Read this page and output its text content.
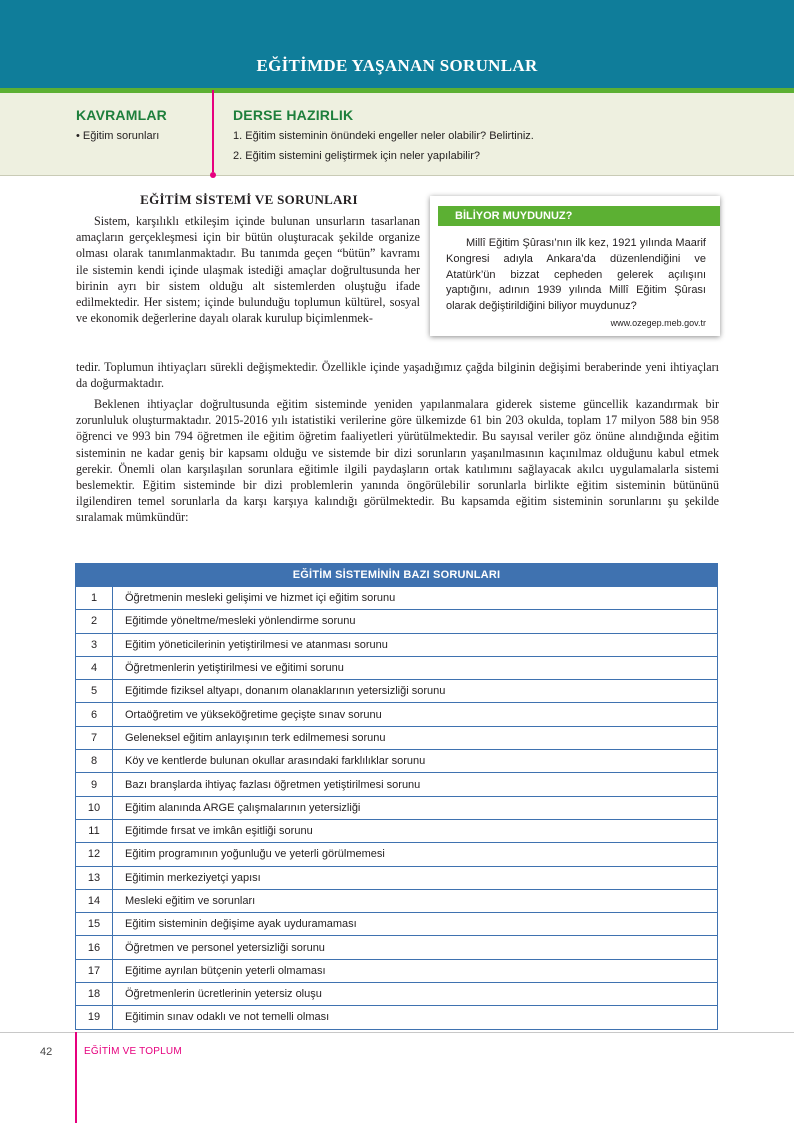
EĞİTİMDE YAŞANAN SORUNLAR
KAVRAMLAR
• Eğitim sorunları
DERSE HAZIRLIK
1. Eğitim sisteminin önündeki engeller neler olabilir? Belirtiniz.
2. Eğitim sistemini geliştirmek için neler yapılabilir?
EĞİTİM SİSTEMİ VE SORUNLARI
Sistem, karşılıklı etkileşim içinde bulunan unsurların tasarlanan amaçların gerçekleşmesi için bir bütün oluşturacak şekilde organize olması olarak tanımlanmaktadır. Bu tanımda geçen “bütün” kavramı ile sistemin kendi içinde ulaşmak istediği amaçlar doğrultusunda her birinin ayrı bir sistem olduğu alt sistemlerden oluştuğu ifade edilmektedir. Her sistem; içinde bulunduğu toplumun kültürel, sosyal ve ekonomik değerlerine dayalı olarak kurulup biçimlenmek-
tedir. Toplumun ihtiyaçları sürekli değişmektedir. Özellikle içinde yaşadığımız çağda bilginin değişimi beraberinde yeni ihtiyaçları da doğurmaktadır.
Beklenen ihtiyaçlar doğrultusunda eğitim sisteminde yeniden yapılanmalara giderek sisteme güncellik kazandırmak bir zorunluluk oluşturmaktadır. 2015-2016 yılı istatistiki verilerine göre ülkemizde 61 bin 203 okulda, toplam 17 milyon 588 bin 958 öğrenci ve 993 bin 794 öğretmen ile eğitim öğretim faaliyetleri yürütülmektedir. Bu sayısal veriler göz önüne alındığında eğitim sisteminin ne kadar geniş bir kapsamı olduğu ve sistemde bir dizi sorunların yaşanılmasının kaçınılmaz olduğunu kabul etmek gerekir. Önemli olan karşılaşılan sorunlara eğitimle ilgili paydaşların ortak katılımını sağlayacak akılcı uygulamalarla sistemi beslemektir. Eğitim sisteminde bir dizi problemlerin yanında öngörülebilir sorunlarla birlikte eğitim sisteminin bütününü ilgilendiren temel sorunlarla da karşı karşıya kalındığı görülmektedir. Bu kapsamda eğitim sisteminin sorunlarını şu şekilde sıralamak mümkündür:
BİLİYOR MUYDUNUZ?
Millî Eğitim Şûrası’nın ilk kez, 1921 yılında Maarif Kongresi adıyla Ankara’da düzenlendiğini ve Atatürk’ün bizzat cepheden gelerek açılışını yaptığını, adının 1939 yılında Millî Eğitim Şûrası olarak değiştirildiğini biliyor muydunuz?
www.ozegep.meb.gov.tr
EĞİTİM SİSTEMİNİN BAZI SORUNLARI	
1	Öğretmenin mesleki gelişimi ve hizmet içi eğitim sorunu
2	Eğitimde yöneltme/mesleki yönlendirme sorunu
3	Eğitim yöneticilerinin yetiştirilmesi ve atanması sorunu
4	Öğretmenlerin yetiştirilmesi ve eğitimi sorunu
5	Eğitimde fiziksel altyapı, donanım olanaklarının yetersizliği sorunu
6	Ortaöğretim ve yükseköğretime geçişte sınav sorunu
7	Geleneksel eğitim anlayışının terk edilmemesi sorunu
8	Köy ve kentlerde bulunan okullar arasındaki farklılıklar sorunu
9	Bazı branşlarda ihtiyaç fazlası öğretmen yetiştirilmesi sorunu
10	Eğitim alanında ARGE çalışmalarının yetersizliği
11	Eğitimde fırsat ve imkân eşitliği sorunu
12	Eğitim programının yoğunluğu ve yeterli görülmemesi
13	Eğitimin merkeziyetçi yapısı
14	Mesleki eğitim ve sorunları
15	Eğitim sisteminin değişime ayak uyduramaması
16	Öğretmen ve personel yetersizliği sorunu
17	Eğitime ayrılan bütçenin yeterli olmaması
18	Öğretmenlerin ücretlerinin yetersiz oluşu
19	Eğitimin sınav odaklı ve not temelli olması
42	EĞİTİM VE TOPLUM
